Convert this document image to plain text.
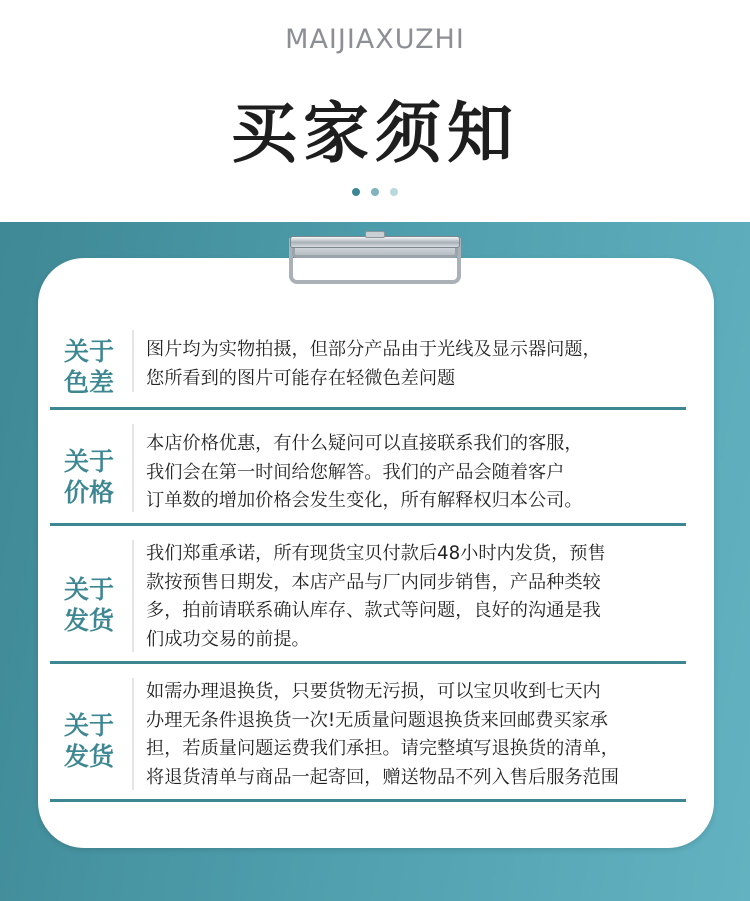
MAIJIAXUZHI
买家须知

关于
色差
图片均为实物拍摄，但部分产品由于光线及显示器问题，
您所看到的图片可能存在轻微色差问题
关于
价格
本店价格优惠，有什么疑问可以直接联系我们的客服，
我们会在第一时间给您解答。我们的产品会随着客户
订单数的增加价格会发生变化，所有解释权归本公司。
关于
发货
我们郑重承诺，所有现货宝贝付款后48小时内发货，预售
款按预售日期发，本店产品与厂内同步销售，产品种类较
多，拍前请联系确认库存、款式等问题，良好的沟通是我
们成功交易的前提。
关于
发货
如需办理退换货，只要货物无污损，可以宝贝收到七天内
办理无条件退换货一次!无质量问题退换货来回邮费买家承
担，若质量问题运费我们承担。请完整填写退换货的清单，
将退货清单与商品一起寄回，赠送物品不列入售后服务范围
